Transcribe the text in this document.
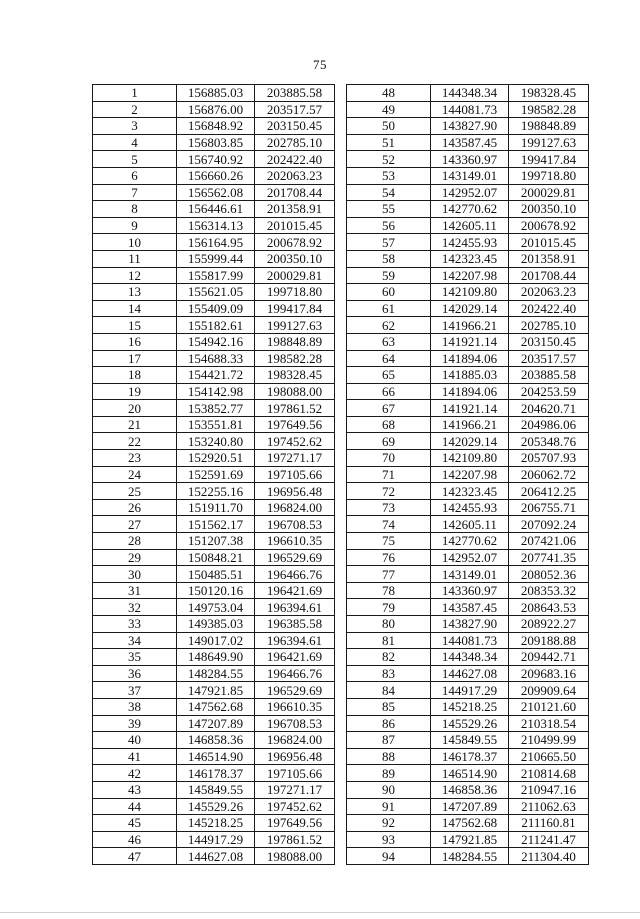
75
1	156885.03	203885.58
2	156876.00	203517.57
3	156848.92	203150.45
4	156803.85	202785.10
5	156740.92	202422.40
6	156660.26	202063.23
7	156562.08	201708.44
8	156446.61	201358.91
9	156314.13	201015.45
10	156164.95	200678.92
11	155999.44	200350.10
12	155817.99	200029.81
13	155621.05	199718.80
14	155409.09	199417.84
15	155182.61	199127.63
16	154942.16	198848.89
17	154688.33	198582.28
18	154421.72	198328.45
19	154142.98	198088.00
20	153852.77	197861.52
21	153551.81	197649.56
22	153240.80	197452.62
23	152920.51	197271.17
24	152591.69	197105.66
25	152255.16	196956.48
26	151911.70	196824.00
27	151562.17	196708.53
28	151207.38	196610.35
29	150848.21	196529.69
30	150485.51	196466.76
31	150120.16	196421.69
32	149753.04	196394.61
33	149385.03	196385.58
34	149017.02	196394.61
35	148649.90	196421.69
36	148284.55	196466.76
37	147921.85	196529.69
38	147562.68	196610.35
39	147207.89	196708.53
40	146858.36	196824.00
41	146514.90	196956.48
42	146178.37	197105.66
43	145849.55	197271.17
44	145529.26	197452.62
45	145218.25	197649.56
46	144917.29	197861.52
47	144627.08	198088.00
48	144348.34	198328.45
49	144081.73	198582.28
50	143827.90	198848.89
51	143587.45	199127.63
52	143360.97	199417.84
53	143149.01	199718.80
54	142952.07	200029.81
55	142770.62	200350.10
56	142605.11	200678.92
57	142455.93	201015.45
58	142323.45	201358.91
59	142207.98	201708.44
60	142109.80	202063.23
61	142029.14	202422.40
62	141966.21	202785.10
63	141921.14	203150.45
64	141894.06	203517.57
65	141885.03	203885.58
66	141894.06	204253.59
67	141921.14	204620.71
68	141966.21	204986.06
69	142029.14	205348.76
70	142109.80	205707.93
71	142207.98	206062.72
72	142323.45	206412.25
73	142455.93	206755.71
74	142605.11	207092.24
75	142770.62	207421.06
76	142952.07	207741.35
77	143149.01	208052.36
78	143360.97	208353.32
79	143587.45	208643.53
80	143827.90	208922.27
81	144081.73	209188.88
82	144348.34	209442.71
83	144627.08	209683.16
84	144917.29	209909.64
85	145218.25	210121.60
86	145529.26	210318.54
87	145849.55	210499.99
88	146178.37	210665.50
89	146514.90	210814.68
90	146858.36	210947.16
91	147207.89	211062.63
92	147562.68	211160.81
93	147921.85	211241.47
94	148284.55	211304.40
